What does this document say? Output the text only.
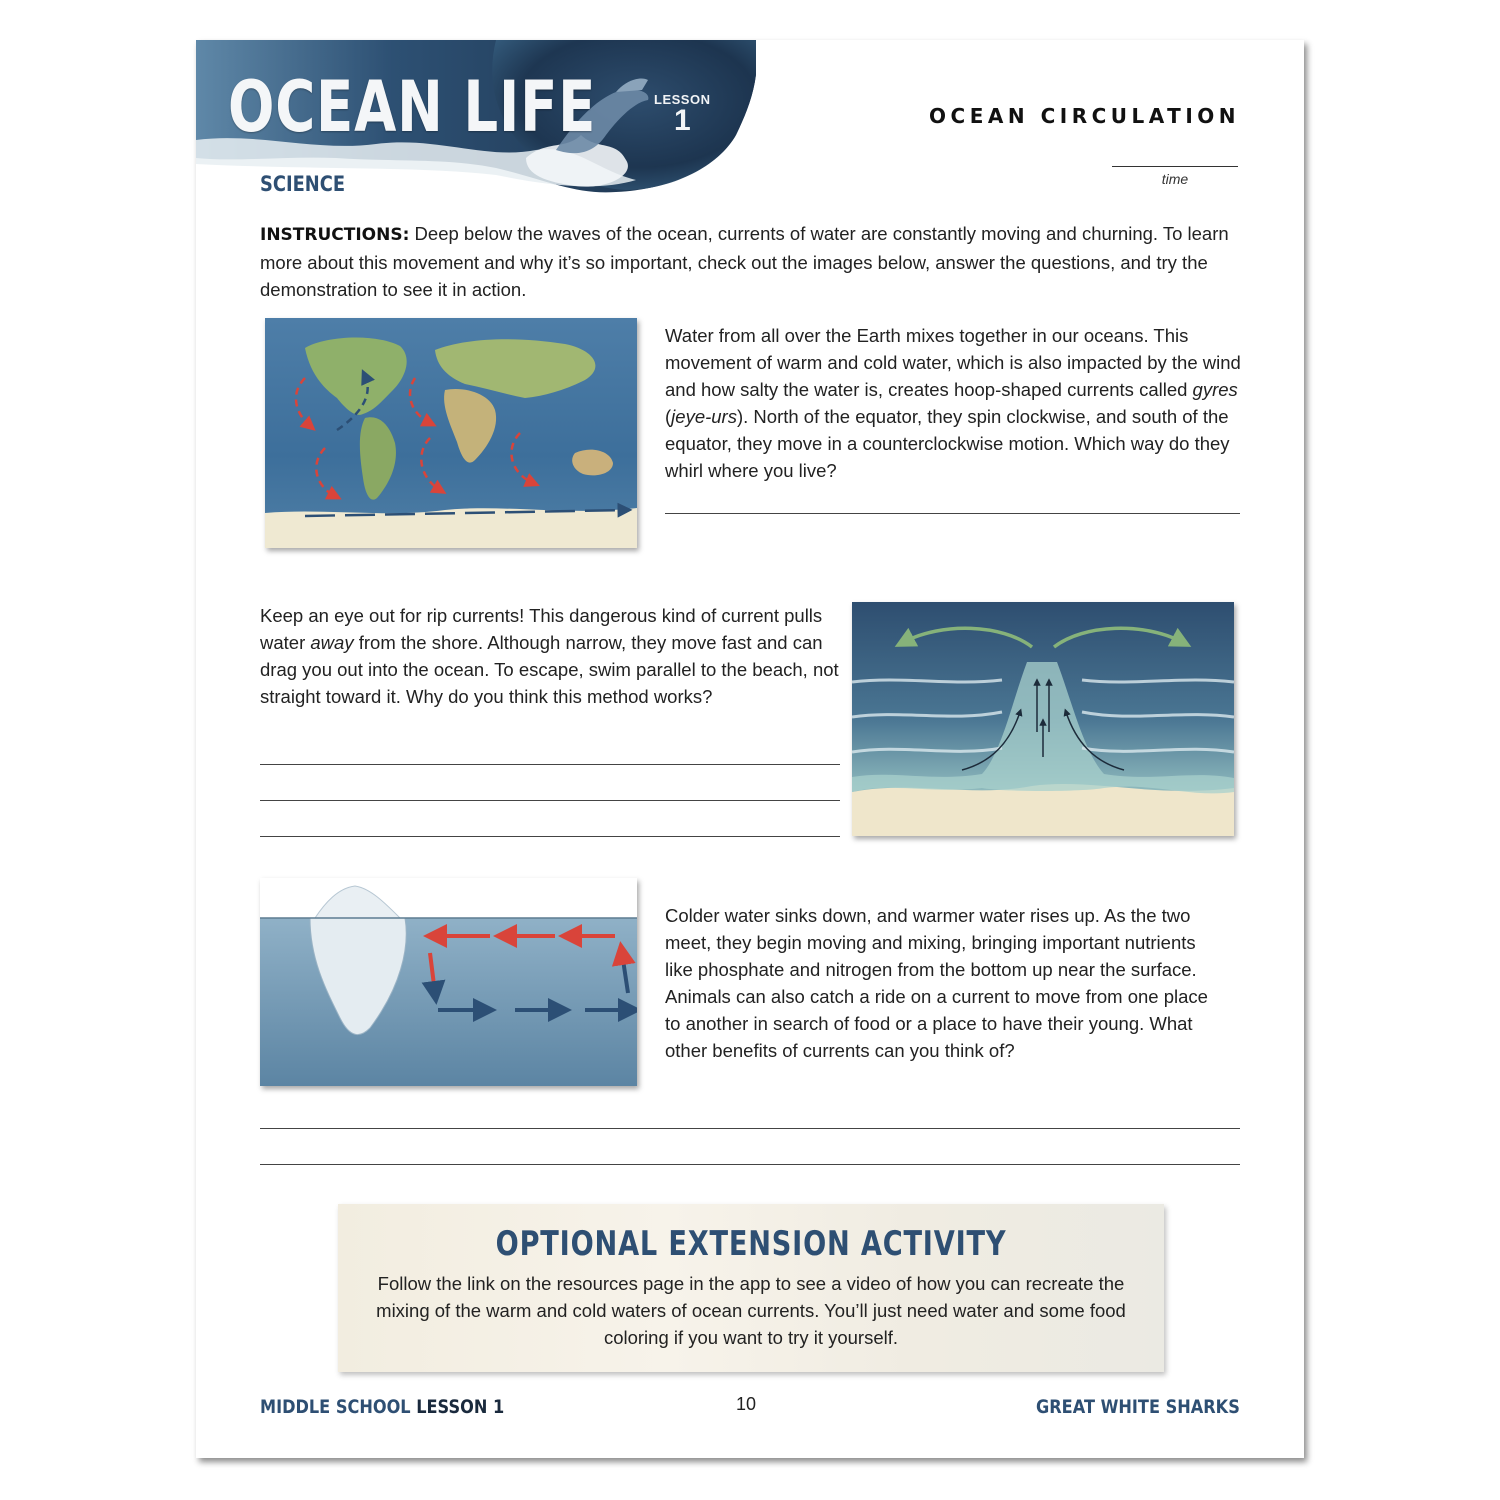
OCEAN LIFE	LESSON
1
SCIENCE
OCEAN CIRCULATION
time
INSTRUCTIONS: Deep below the waves of the ocean, currents of water are constantly moving and churning. To learn more about this movement and why it’s so important, check out the images below, answer the questions, and try the demonstration to see it in action.
Water from all over the Earth mixes together in our oceans. This movement of warm and cold water, which is also impacted by the wind and how salty the water is, creates hoop-shaped currents called gyres (jeye-urs). North of the equator, they spin clockwise, and south of the equator, they move in a counterclockwise motion. Which way do they whirl where you live?
Keep an eye out for rip currents! This dangerous kind of current pulls water away from the shore. Although narrow, they move fast and can drag you out into the ocean. To escape, swim parallel to the beach, not straight toward it. Why do you think this method works?
Colder water sinks down, and warmer water rises up. As the two meet, they begin moving and mixing, bringing important nutrients like phosphate and nitrogen from the bottom up near the surface. Animals can also catch a ride on a current to move from one place to another in search of food or a place to have their young. What other benefits of currents can you think of?
OPTIONAL EXTENSION ACTIVITY
Follow the link on the resources page in the app to see a video of how you can recreate the mixing of the warm and cold waters of ocean currents. You’ll just need water and some food coloring if you want to try it yourself.
MIDDLE SCHOOL LESSON 1	10	GREAT WHITE SHARKS
